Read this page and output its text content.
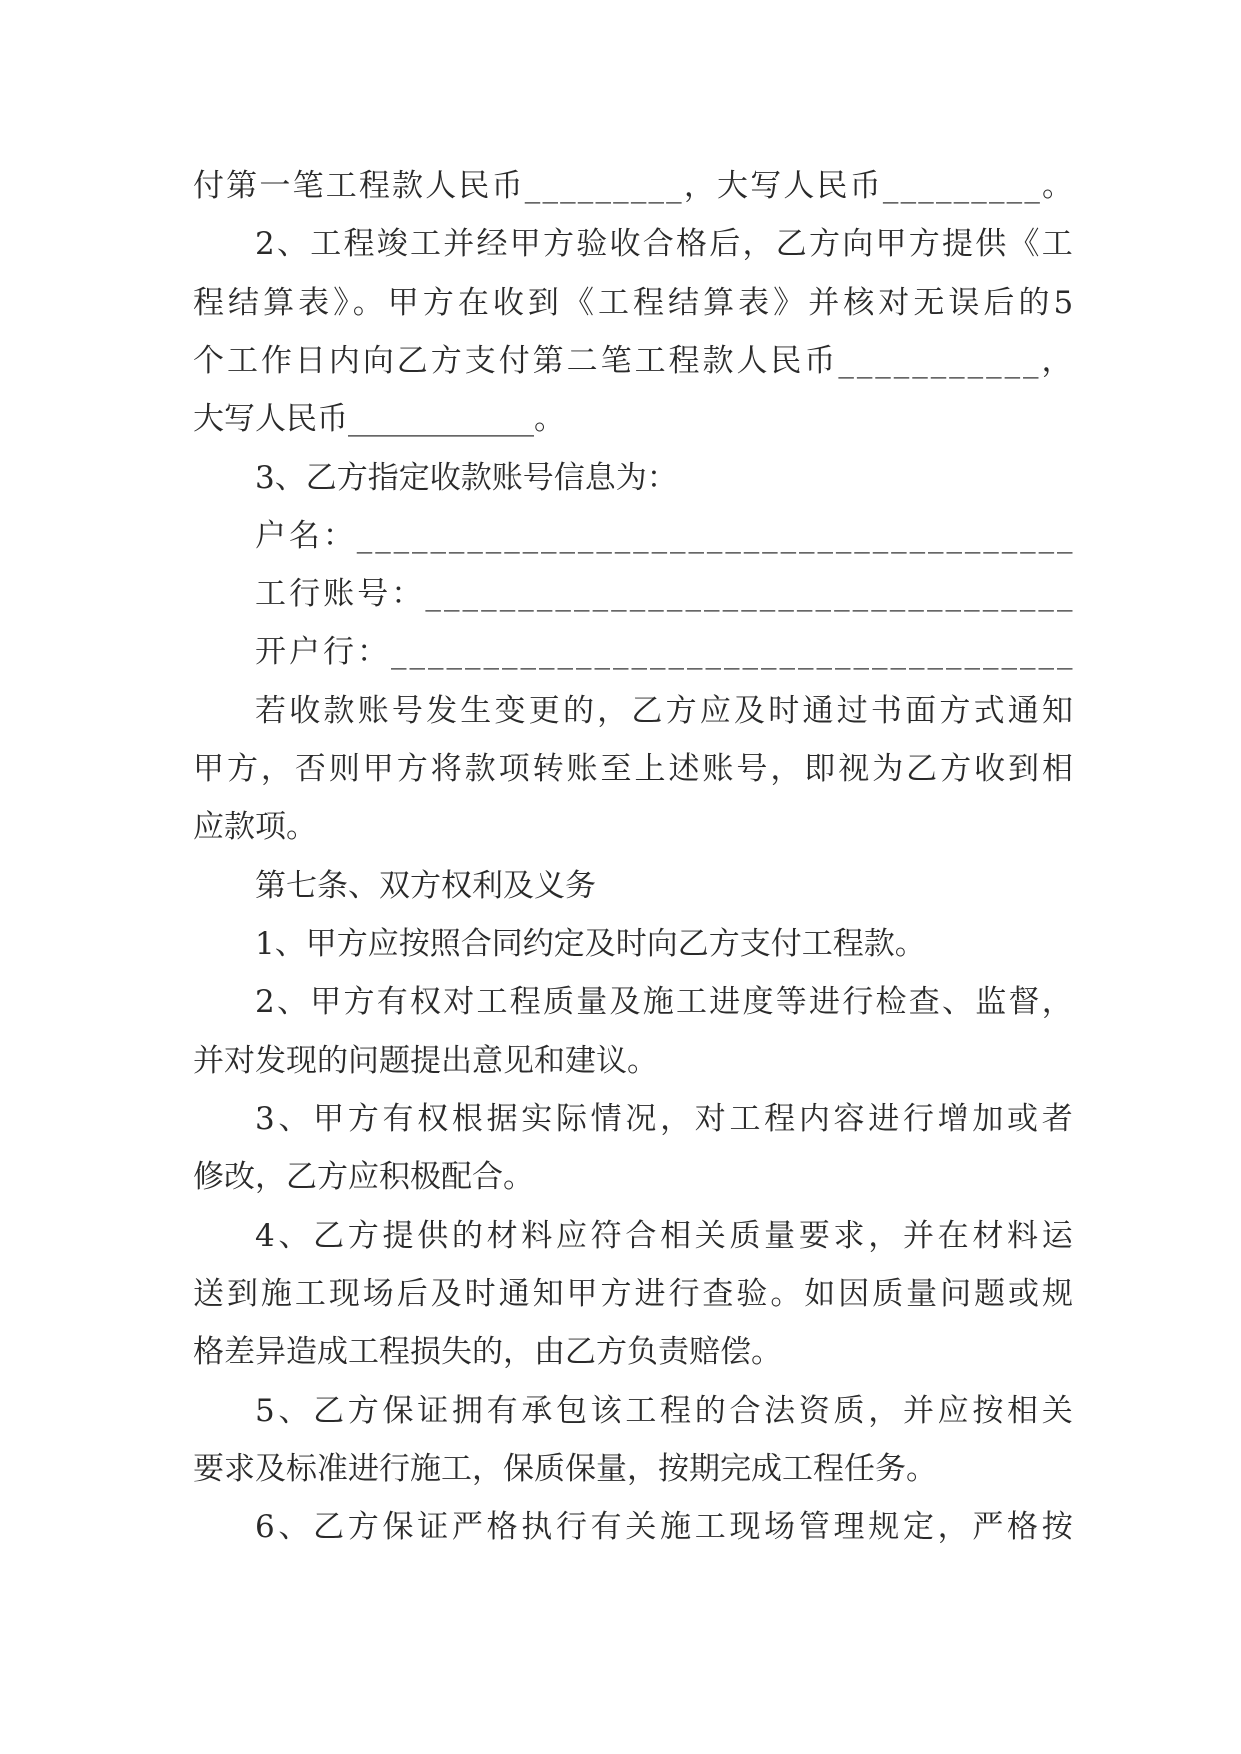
付第一笔工程款人民币_________，大写人民币_________。
2、工程竣工并经甲方验收合格后，乙方向甲方提供《工
程结算表》。甲方在收到《工程结算表》并核对无误后的5
个工作日内向乙方支付第二笔工程款人民币___________，
大写人民币____________。
3、乙方指定收款账号信息为：
户名：_______________________________________
工行账号：___________________________________
开户行：_____________________________________
若收款账号发生变更的，乙方应及时通过书面方式通知
甲方，否则甲方将款项转账至上述账号，即视为乙方收到相
应款项。
第七条、双方权利及义务
1、甲方应按照合同约定及时向乙方支付工程款。
2、甲方有权对工程质量及施工进度等进行检查、监督，
并对发现的问题提出意见和建议。
3、甲方有权根据实际情况，对工程内容进行增加或者
修改，乙方应积极配合。
4、乙方提供的材料应符合相关质量要求，并在材料运
送到施工现场后及时通知甲方进行查验。如因质量问题或规
格差异造成工程损失的，由乙方负责赔偿。
5、乙方保证拥有承包该工程的合法资质，并应按相关
要求及标准进行施工，保质保量，按期完成工程任务。
6、乙方保证严格执行有关施工现场管理规定，严格按
